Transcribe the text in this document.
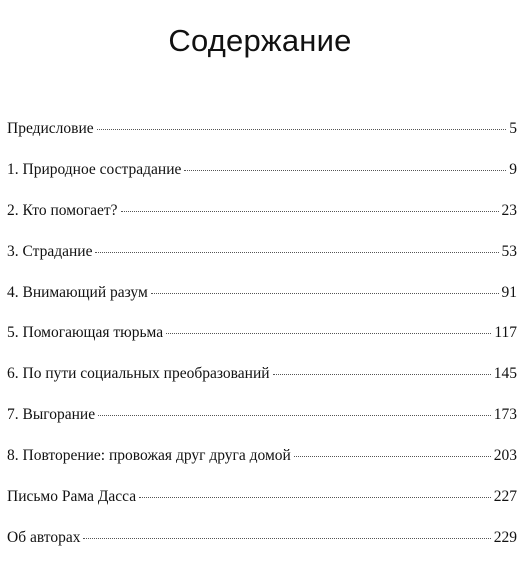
Содержание
Предисловие	5
1. Природное сострадание	9
2. Кто помогает?	23
3. Страдание	53
4. Внимающий разум	91
5. Помогающая тюрьма	117
6. По пути социальных преобразований	145
7. Выгорание	173
8. Повторение: провожая друг друга домой	203
Письмо Рама Дасса	227
Об авторах	229
